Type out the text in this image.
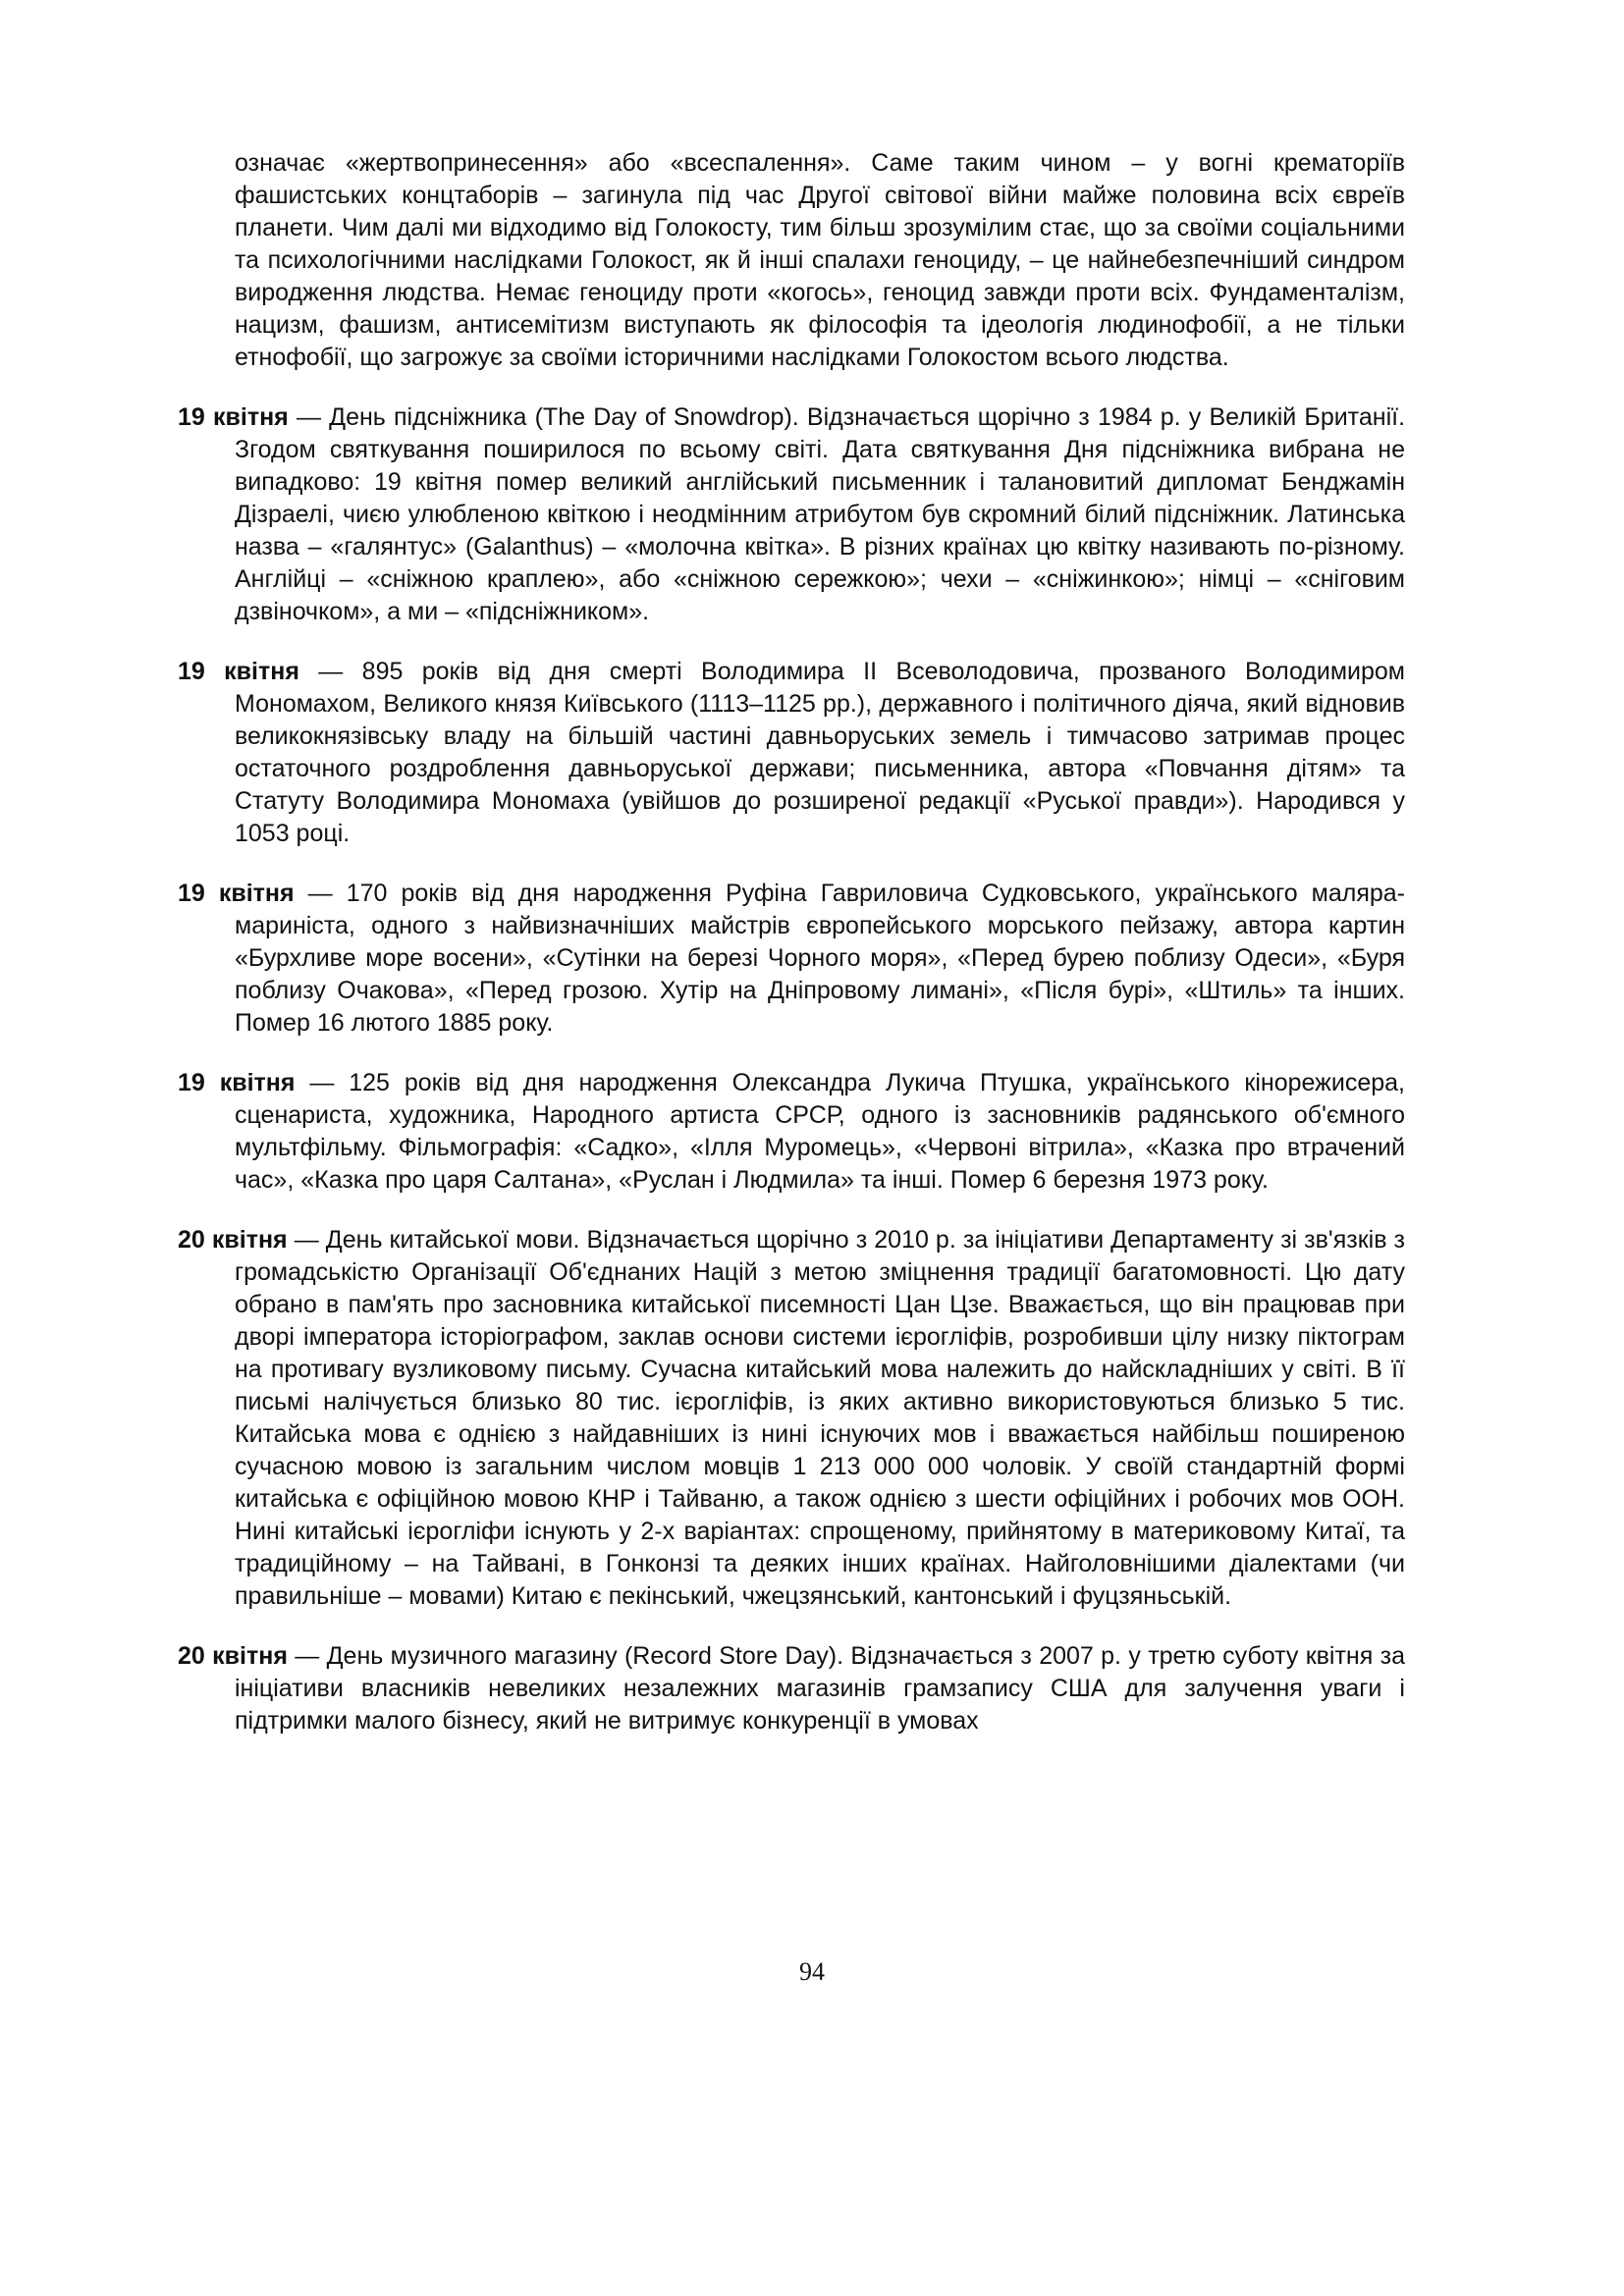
означає «жертвопринесення» або «всеспалення». Саме таким чином – у вогні крематоріїв фашистських концтаборів – загинула під час Другої світової війни майже половина всіх євреїв планети. Чим далі ми відходимо від Голокосту, тим більш зрозумілим стає, що за своїми соціальними та психологічними наслідками Голокост, як й інші спалахи геноциду, – це найнебезпечніший синдром виродження людства. Немає геноциду проти «когось», геноцид завжди проти всіх. Фундаменталізм, нацизм, фашизм, антисемітизм виступають як філософія та ідеологія людинофобії, а не тільки етнофобії, що загрожує за своїми історичними наслідками Голокостом всього людства.

19 квітня — День підсніжника (The Day of Snowdrop). Відзначається щорічно з 1984 р. у Великій Британії. Згодом святкування поширилося по всьому світі. Дата святкування Дня підсніжника вибрана не випадково: 19 квітня помер великий англійський письменник і талановитий дипломат Бенджамін Дізраелі, чиєю улюбленою квіткою і неодмінним атрибутом був скромний білий підсніжник. Латинська назва – «галянтус» (Galanthus) – «молочна квітка». В різних країнах цю квітку називають по-різному. Англійці – «сніжною краплею», або «сніжною сережкою»; чехи – «сніжинкою»; німці – «сніговим дзвіночком», а ми – «підсніжником».

19 квітня — 895 років від дня смерті Володимира ІІ Всеволодовича, прозваного Володимиром Мономахом, Великого князя Київського (1113–1125 рр.), державного і політичного діяча, який відновив великокнязівську владу на більшій частині давньоруських земель і тимчасово затримав процес остаточного роздроблення давньоруської держави; письменника, автора «Повчання дітям» та Статуту Володимира Мономаха (увійшов до розширеної редакції «Руської правди»). Народився у 1053 році.

19 квітня — 170 років від дня народження Руфіна Гавриловича Судковського, українського маляра-мариніста, одного з найвизначніших майстрів європейського морського пейзажу, автора картин «Бурхливе море восени», «Сутінки на березі Чорного моря», «Перед бурею поблизу Одеси», «Буря поблизу Очакова», «Перед грозою. Хутір на Дніпровому лимані», «Після бурі», «Штиль» та інших. Помер 16 лютого 1885 року.

19 квітня — 125 років від дня народження Олександра Лукича Птушка, українського кінорежисера, сценариста, художника, Народного артиста СРСР, одного із засновників радянського об'ємного мультфільму. Фільмографія: «Садко», «Ілля Муромець», «Червоні вітрила», «Казка про втрачений час», «Казка про царя Салтана», «Руслан і Людмила» та інші. Помер 6 березня 1973 року.

20 квітня — День китайської мови. Відзначається щорічно з 2010 р. за ініціативи Департаменту зі зв'язків з громадськістю Організації Об'єднаних Націй з метою зміцнення традиції багатомовності. Цю дату обрано в пам'ять про засновника китайської писемності Цан Цзе. Вважається, що він працював при дворі імператора історіографом, заклав основи системи ієрогліфів, розробивши цілу низку піктограм на противагу вузликовому письму. Сучасна китайський мова належить до найскладніших у світі. В її письмі налічується близько 80 тис. ієрогліфів, із яких активно використовуються близько 5 тис. Китайська мова є однією з найдавніших із нині існуючих мов і вважається найбільш поширеною сучасною мовою із загальним числом мовців 1 213 000 000 чоловік. У своїй стандартній формі китайська є офіційною мовою КНР і Тайваню, а також однією з шести офіційних і робочих мов ООН. Нині китайські ієрогліфи існують у 2-х варіантах: спрощеному, прийнятому в материковому Китаї, та традиційному – на Тайвані, в Гонконзі та деяких інших країнах. Найголовнішими діалектами (чи правильніше – мовами) Китаю є пекінський, чжецзянський, кантонський і фуцзяньській.

20 квітня — День музичного магазину (Record Store Day). Відзначається з 2007 р. у третю суботу квітня за ініціативи власників невеликих незалежних магазинів грамзапису США для залучення уваги і підтримки малого бізнесу, який не витримує конкуренції в умовах

94
